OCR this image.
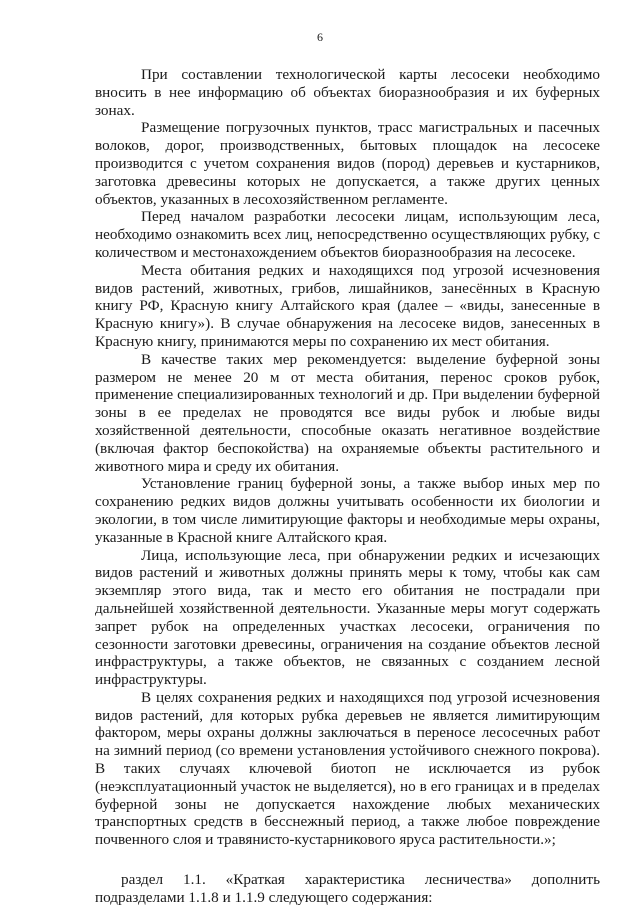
6

При составлении технологической карты лесосеки необходимо вносить в нее информацию об объектах биоразнообразия и их буферных зонах.

Размещение погрузочных пунктов, трасс магистральных и пасечных волоков, дорог, производственных, бытовых площадок на лесосеке производится с учетом сохранения видов (пород) деревьев и кустарников, заготовка древесины которых не допускается, а также других ценных объектов, указанных в лесохозяйственном регламенте.

Перед началом разработки лесосеки лицам, использующим леса, необходимо ознакомить всех лиц, непосредственно осуществляющих рубку, с количеством и местонахождением объектов биоразнообразия на лесосеке.

Места обитания редких и находящихся под угрозой исчезновения видов растений, животных, грибов, лишайников, занесённых в Красную книгу РФ, Красную книгу Алтайского края (далее – «виды, занесенные в Красную книгу»). В случае обнаружения на лесосеке видов, занесенных в Красную книгу, принимаются меры по сохранению их мест обитания.

В качестве таких мер рекомендуется: выделение буферной зоны размером не менее 20 м от места обитания, перенос сроков рубок, применение специализированных технологий и др. При выделении буферной зоны в ее пределах не проводятся все виды рубок и любые виды хозяйственной деятельности, способные оказать негативное воздействие (включая фактор беспокойства) на охраняемые объекты растительного и животного мира и среду их обитания.

Установление границ буферной зоны, а также выбор иных мер по сохранению редких видов должны учитывать особенности их биологии и экологии, в том числе лимитирующие факторы и необходимые меры охраны, указанные в Красной книге Алтайского края.

Лица, использующие леса, при обнаружении редких и исчезающих видов растений и животных должны принять меры к тому, чтобы как сам экземпляр этого вида, так и место его обитания не пострадали при дальнейшей хозяйственной деятельности. Указанные меры могут содержать запрет рубок на определенных участках лесосеки, ограничения по сезонности заготовки древесины, ограничения на создание объектов лесной инфраструктуры, а также объектов, не связанных с созданием лесной инфраструктуры.

В целях сохранения редких и находящихся под угрозой исчезновения видов растений, для которых рубка деревьев не является лимитирующим фактором, меры охраны должны заключаться в переносе лесосечных работ на зимний период (со времени установления устойчивого снежного покрова). В таких случаях ключевой биотоп не исключается из рубок (неэксплуатационный участок не выделяется), но в его границах и в пределах буферной зоны не допускается нахождение любых механических транспортных средств в бесснежный период, а также любое повреждение почвенного слоя и травянисто-кустарникового яруса растительности.»;

раздел 1.1. «Краткая характеристика лесничества» дополнить подразделами 1.1.8 и 1.1.9 следующего содержания:
